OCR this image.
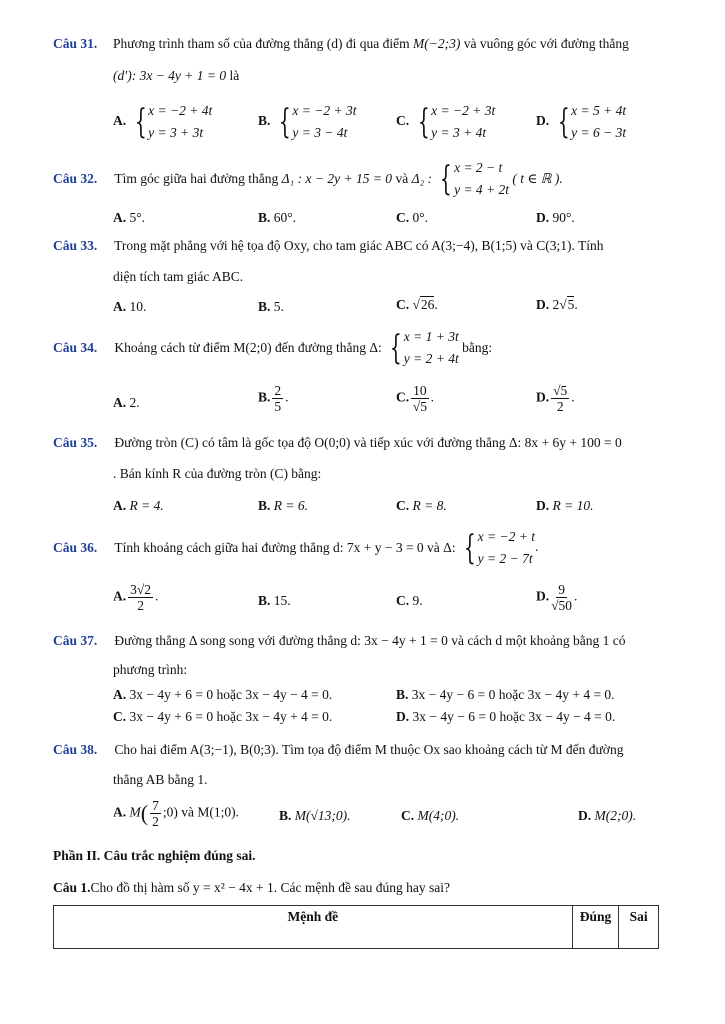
Câu 31. Phương trình tham số của đường thẳng (d) đi qua điểm M(−2;3) và vuông góc với đường thẳng
(d′): 3x − 4y + 1 = 0 là
A. { x = −2 + 4t
y = 3 + 3t
B. { x = −2 + 3t
y = 3 − 4t
C. { x = −2 + 3t
y = 3 + 4t
D. { x = 5 + 4t
y = 6 − 3t
Câu 32. Tìm góc giữa hai đường thẳng Δ₁ : x − 2y + 15 = 0 và Δ₂ : { x = 2 − t
y = 4 + 2t
( t ∈ ℝ ).
A. 5°.	B. 60°.	C. 0°.	D. 90°.
Câu 33. Trong mặt phẳng với hệ tọa độ Oxy, cho tam giác ABC có A(3;−4), B(1;5) và C(3;1). Tính
diện tích tam giác ABC.
A. 10.	B. 5.	C. √26.	D. 2√5.
Câu 34. Khoảng cách từ điểm M(2;0) đến đường thẳng Δ: { x = 1 + 3t
y = 2 + 4t
bằng:
A. 2.	B. $\frac{2}{5}$ .	C. $\frac{10}{√5}$ .	D. $\frac{√5}{2}$ .
Câu 35. Đường tròn (C) có tâm là gốc tọa độ O(0;0) và tiếp xúc với đường thẳng Δ: 8x + 6y + 100 = 0
. Bán kính R của đường tròn (C) bằng:
A. R = 4.	B. R = 6.	C. R = 8.	D. R = 10.
Câu 36. Tính khoảng cách giữa hai đường thẳng d: 7x + y − 3 = 0 và Δ: { x = −2 + t
y = 2 − 7t
.
A. $\frac{3√2}{2}$ .	B. 15.	C. 9.	D. $\frac{9}{√50}$ .
Câu 37. Đường thẳng Δ song song với đường thẳng d: 3x − 4y + 1 = 0 và cách d một khoảng bằng 1 có
phương trình:
A. 3x − 4y + 6 = 0 hoặc 3x − 4y − 4 = 0.	B. 3x − 4y − 6 = 0 hoặc 3x − 4y + 4 = 0.
C. 3x − 4y + 6 = 0 hoặc 3x − 4y + 4 = 0.	D. 3x − 4y − 6 = 0 hoặc 3x − 4y − 4 = 0.
Câu 38. Cho hai điểm A(3;−1), B(0;3). Tìm tọa độ điểm M thuộc Ox sao khoảng cách từ M đến đường
thẳng AB bằng 1.
A. $M( \frac{7}{2}$ ;0) và M(1;0).	B. M(√13;0).	C. M(4;0).	D. M(2;0).
Phần II. Câu trắc nghiệm đúng sai.
Câu 1.Cho đồ thị hàm số y = x² − 4x + 1. Các mệnh đề sau đúng hay sai?
Mệnh đề	Đúng	Sai
